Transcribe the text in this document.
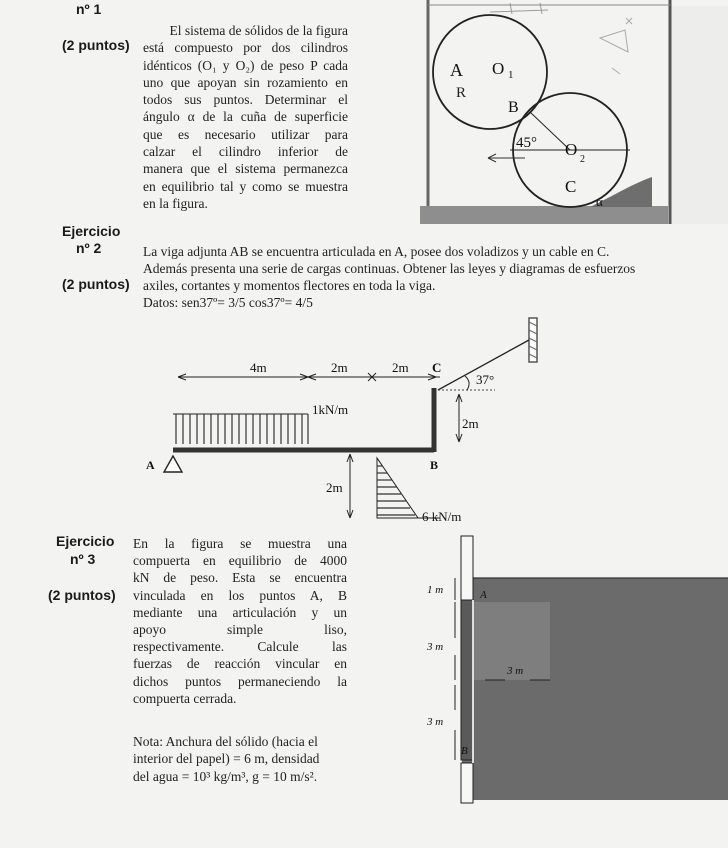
nº 1
(2 puntos)
El sistema de sólidos de la figura
está compuesto por dos cilindros
idénticos (O₁ y O₂) de peso P cada
uno que apoyan sin rozamiento en
todos sus puntos. Determinar el
ángulo α de la cuña de superficie
que es necesario utilizar para
calzar el cilindro inferior de
manera que el sistema permanezca
en equilibrio tal y como se muestra
en la figura.
A O 1
R
B
45° O
2
C
α
Ejercicio
nº 2
(2 puntos)
La viga adjunta AB se encuentra articulada en A, posee dos voladizos y un cable en C.
Además presenta una serie de cargas continuas. Obtener las leyes y diagramas de esfuerzos
axiles, cortantes y momentos flectores en toda la viga.
Datos: sen37º= 3/5 cos37º= 4/5
4m	2m	2m C
37°
1kN/m
2m
A	B
2m
6 kN/m
Ejercicio
nº 3
(2 puntos)
En la figura se muestra una
compuerta en equilibrio de 4000
kN de peso. Esta se encuentra
vinculada en los puntos A, B
mediante una articulación y un
apoyo simple liso,
respectivamente. Calcule las
fuerzas de reacción vincular en
dichos puntos permaneciendo la
compuerta cerrada.
Nota: Anchura del sólido (hacia el
interior del papel) = 6 m, densidad
del agua = 10³ kg/m³, g = 10 m/s².
1 m	A
3 m
3 m
3 m
B
